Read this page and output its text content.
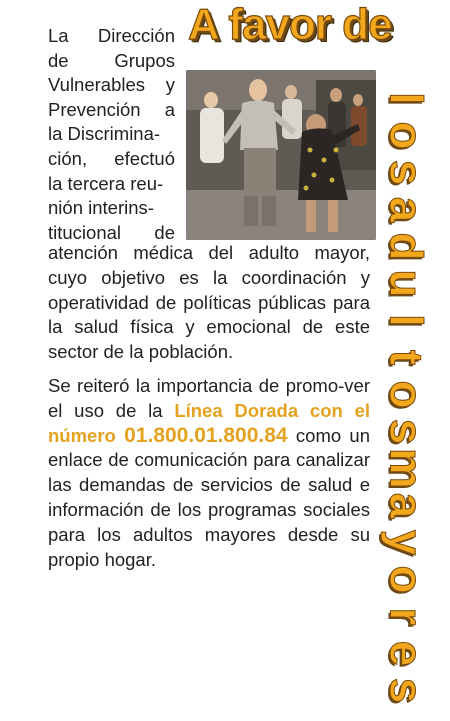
A favor de
l
o
s
a
d
u
l
t
o
s
m
a
y
o
r
e
s
La Dirección
de Grupos
Vulnerables y
Prevención a
la Discrimina-
ción, efectuó
la tercera reu-
nión interins-
titucional de
atención médica del adulto mayor, cuyo objetivo es la coordinación y operatividad de políticas públicas para la salud física y emocional de este sector de la población.
Se reiteró la importancia de promo-ver el uso de la Línea Dorada con el número 01.800.01.800.84 como un enlace de comunicación para canalizar las demandas de servicios de salud e información de los programas sociales para los adultos mayores desde su propio hogar.
